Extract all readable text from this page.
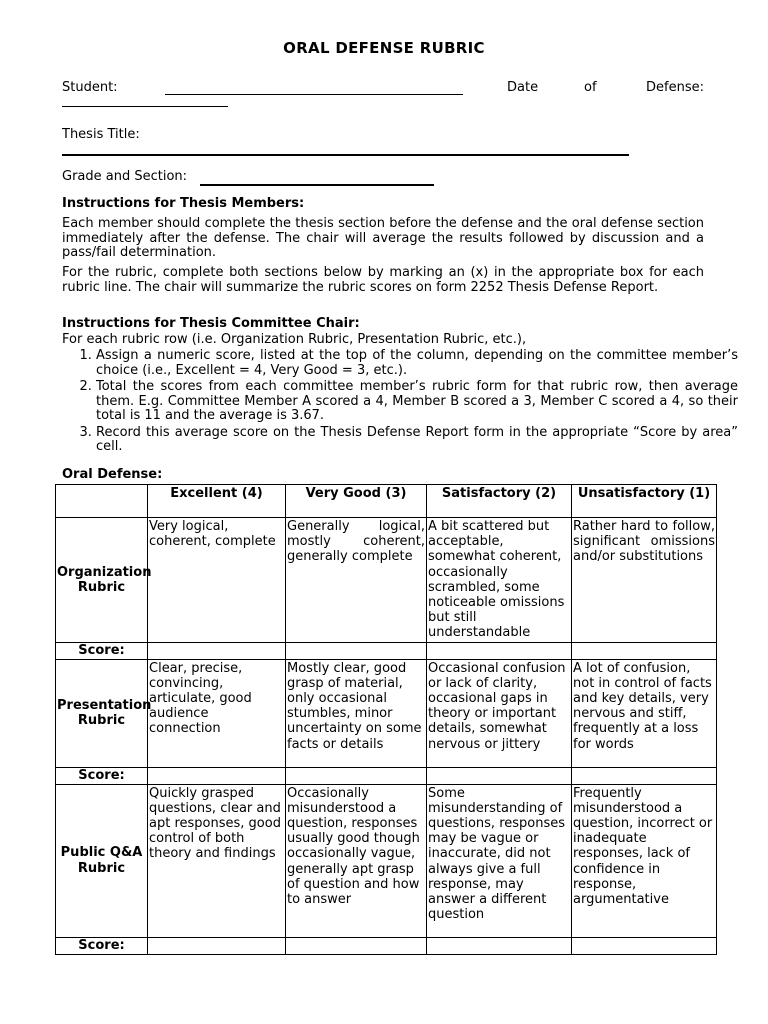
ORAL DEFENSE RUBRIC
Student:	Date	of	Defense:
Thesis Title:
Grade and Section:
Instructions for Thesis Members:

Each member should complete the thesis section before the defense and the oral defense section immediately after the defense. The chair will average the results followed by discussion and a pass/fail determination.

For the rubric, complete both sections below by marking an (x) in the appropriate box for each rubric line. The chair will summarize the rubric scores on form 2252 Thesis Defense Report.

Instructions for Thesis Committee Chair:
For each rubric row (i.e. Organization Rubric, Presentation Rubric, etc.),
1. Assign a numeric score, listed at the top of the column, depending on the committee member’s choice (i.e., Excellent = 4, Very Good = 3, etc.).
2. Total the scores from each committee member’s rubric form for that rubric row, then average them. E.g. Committee Member A scored a 4, Member B scored a 3, Member C scored a 4, so their total is 11 and the average is 3.67.
3. Record this average score on the Thesis Defense Report form in the appropriate “Score by area” cell.
Oral Defense:
	Excellent (4)	Very Good (3)	Satisfactory (2)	Unsatisfactory (1)
Organization Rubric	Very logical, coherent, complete	Generally logical, mostly coherent, generally complete	A bit scattered but acceptable, somewhat coherent, occasionally scrambled, some noticeable omissions but still understandable	Rather hard to follow, significant omissions and/or substitutions
Score:				
Presentation Rubric	Clear, precise, convincing, articulate, good audience connection	Mostly clear, good grasp of material, only occasional stumbles, minor uncertainty on some facts or details	Occasional confusion or lack of clarity, occasional gaps in theory or important details, somewhat nervous or jittery	A lot of confusion, not in control of facts and key details, very nervous and stiff, frequently at a loss for words
Score:				
Public Q&A Rubric	Quickly grasped questions, clear and apt responses, good control of both theory and findings	Occasionally misunderstood a question, responses usually good though occasionally vague, generally apt grasp of question and how to answer	Some misunderstanding of questions, responses may be vague or inaccurate, did not always give a full response, may answer a different question	Frequently misunderstood a question, incorrect or inadequate responses, lack of confidence in response, argumentative
Score:				
